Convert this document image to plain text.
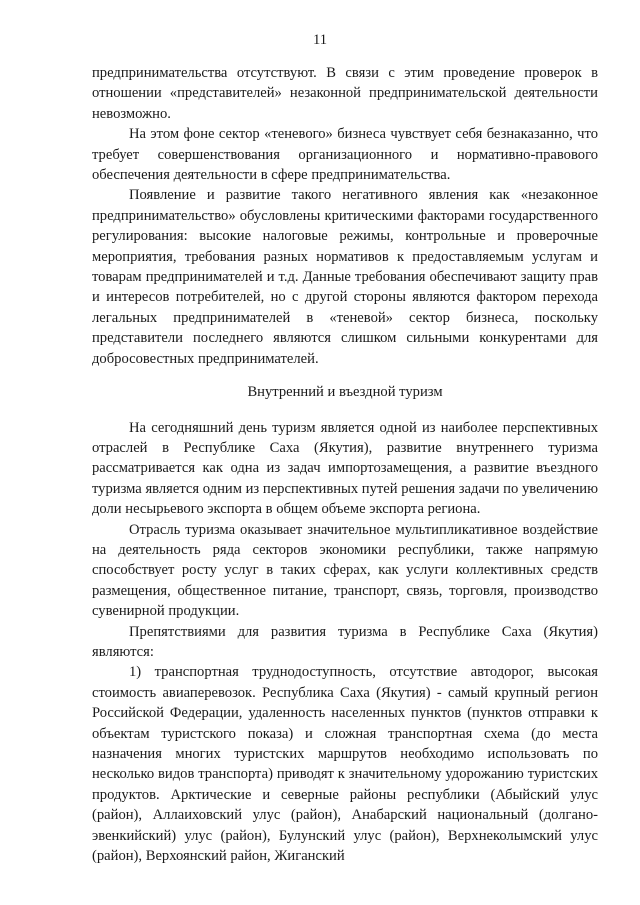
11

предпринимательства отсутствуют. В связи с этим проведение проверок в отношении «представителей» незаконной предпринимательской деятельности невозможно.

На этом фоне сектор «теневого» бизнеса чувствует себя безнаказанно, что требует совершенствования организационного и нормативно-правового обеспечения деятельности в сфере предпринимательства.

Появление и развитие такого негативного явления как «незаконное предпринимательство» обусловлены критическими факторами государственного регулирования: высокие налоговые режимы, контрольные и проверочные мероприятия, требования разных нормативов к предоставляемым услугам и товарам предпринимателей и т.д. Данные требования обеспечивают защиту прав и интересов потребителей, но с другой стороны являются фактором перехода легальных предпринимателей в «теневой» сектор бизнеса, поскольку представители последнего являются слишком сильными конкурентами для добросовестных предпринимателей.

Внутренний и въездной туризм

На сегодняшний день туризм является одной из наиболее перспективных отраслей в Республике Саха (Якутия), развитие внутреннего туризма рассматривается как одна из задач импортозамещения, а развитие въездного туризма является одним из перспективных путей решения задачи по увеличению доли несырьевого экспорта в общем объеме экспорта региона.

Отрасль туризма оказывает значительное мультипликативное воздействие на деятельность ряда секторов экономики республики, также напрямую способствует росту услуг в таких сферах, как услуги коллективных средств размещения, общественное питание, транспорт, связь, торговля, производство сувенирной продукции.

Препятствиями для развития туризма в Республике Саха (Якутия) являются:

1) транспортная труднодоступность, отсутствие автодорог, высокая стоимость авиаперевозок. Республика Саха (Якутия) - самый крупный регион Российской Федерации, удаленность населенных пунктов (пунктов отправки к объектам туристского показа) и сложная транспортная схема (до места назначения многих туристских маршрутов необходимо использовать по несколько видов транспорта) приводят к значительному удорожанию туристских продуктов. Арктические и северные районы республики (Абыйский улус (район), Аллаиховский улус (район), Анабарский национальный (долгано-эвенкийский) улус (район), Булунский улус (район), Верхнеколымский улус (район), Верхоянский район, Жиганский
